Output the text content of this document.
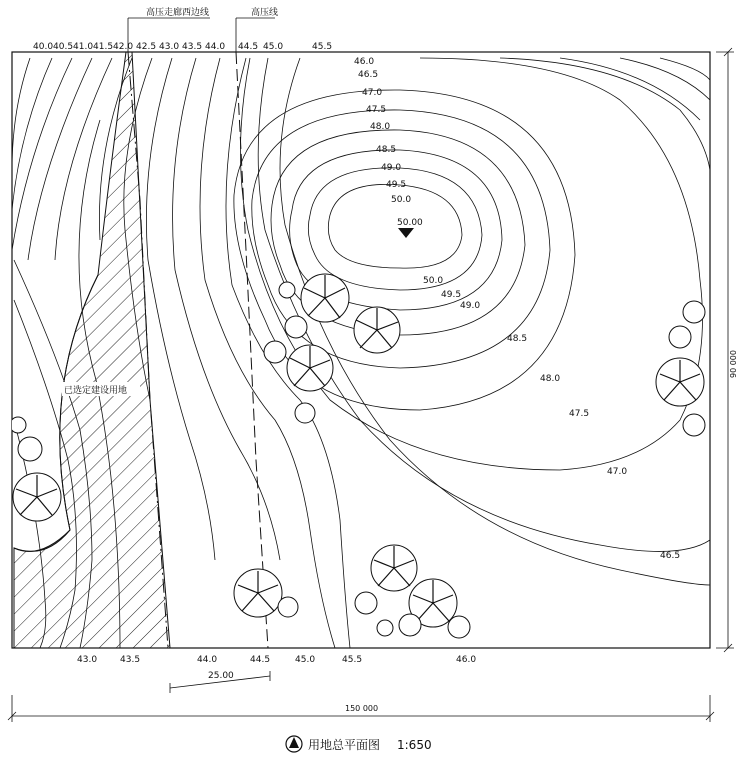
高压走廊西边线	高压线
40.0 40.5 41.0 41.5 42.0 42.5 43.0 43.5 44.0 44.5 45.0	45.5
46.0
46.5
47.0
47.5
48.0
48.5
49.0
49.5
50.0
50.00
50.0
49.5
49.0
48.5
48.0
47.5
47.0
46.5
43.0	43.5	44.0	44.5	45.0	45.5	46.0
已选定建设用地
25.00
150 000
90 000
用地总平面图 1:650
